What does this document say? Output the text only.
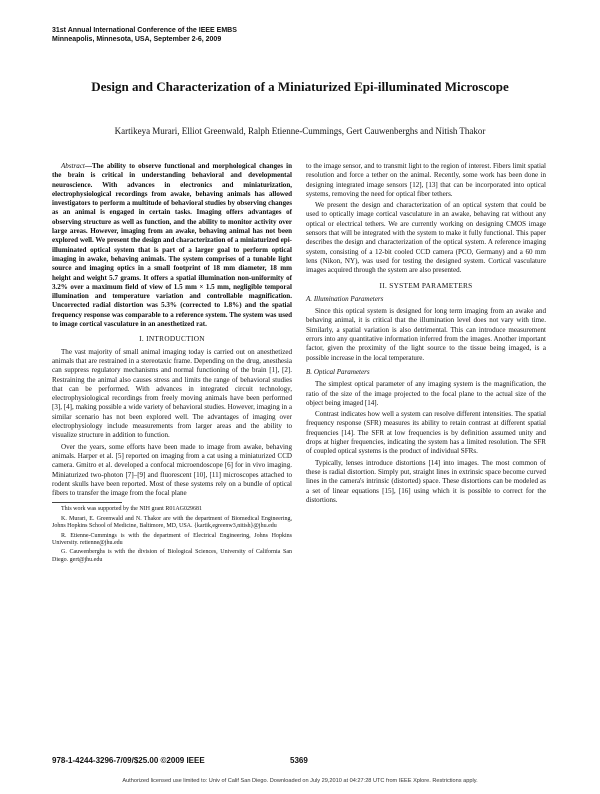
31st Annual International Conference of the IEEE EMBS
Minneapolis, Minnesota, USA, September 2-6, 2009
Design and Characterization of a Miniaturized Epi-illuminated Microscope
Kartikeya Murari, Elliot Greenwald, Ralph Etienne-Cummings, Gert Cauwenberghs and Nitish Thakor

Abstract—The ability to observe functional and morphological changes in the brain is critical in understanding behavioral and developmental neuroscience. With advances in electronics and miniaturization, electrophysiological recordings from awake, behaving animals has allowed investigators to perform a multitude of behavioral studies by observing changes as an animal is engaged in certain tasks. Imaging offers advantages of observing structure as well as function, and the ability to monitor activity over large areas. However, imaging from an awake, behaving animal has not been explored well. We present the design and characterization of a miniaturized epi-illuminated optical system that is part of a larger goal to perform optical imaging in awake, behaving animals. The system comprises of a tunable light source and imaging optics in a small footprint of 18 mm diameter, 18 mm height and weight 5.7 grams. It offers a spatial illumination non-uniformity of 3.2% over a maximum field of view of 1.5 mm × 1.5 mm, negligible temporal illumination and temperature variation and controllable magnification. Uncorrected radial distortion was 5.3% (corrected to 1.8%) and the spatial frequency response was comparable to a reference system. The system was used to image cortical vasculature in an anesthetized rat.

I. INTRODUCTION

The vast majority of small animal imaging today is carried out on anesthetized animals that are restrained in a stereotaxic frame. Depending on the drug, anesthesia can suppress regulatory mechanisms and normal functioning of the brain [1], [2]. Restraining the animal also causes stress and limits the range of behavioral studies that can be performed. With advances in integrated circuit technology, electrophysiological recordings from freely moving animals have been performed [3], [4], making possible a wide variety of behavioral studies. However, imaging in a similar scenario has not been explored well. The advantages of imaging over electrophysiology include measurements from larger areas and the ability to visualize structure in addition to function.

Over the years, some efforts have been made to image from awake, behaving animals. Harper et al. [5] reported on imaging from a cat using a miniaturized CCD camera. Gmitro et al. developed a confocal microendoscope [6] for in vivo imaging. Miniaturized two-photon [7]–[9] and fluorescent [10], [11] microscopes attached to rodent skulls have been reported. Most of these systems rely on a bundle of optical fibers to transfer the image from the focal plane

This work was supported by the NIH grant R01AG029681

K. Murari, E. Greenwald and N. Thakor are with the department of Biomedical Engineering, Johns Hopkins School of Medicine, Baltimore, MD, USA. {kartik,egreenw3,nitish}@jhu.edu

R. Etienne-Cummings is with the department of Electrical Engineering, Johns Hopkins University. retienne@jhu.edu

G. Cauwenberghs is with the division of Biological Sciences, University of California San Diego. gert@jhu.edu

to the image sensor, and to transmit light to the region of interest. Fibers limit spatial resolution and force a tether on the animal. Recently, some work has been done in designing integrated image sensors [12], [13] that can be incorporated into optical systems, removing the need for optical fiber tethers.

We present the design and characterization of an optical system that could be used to optically image cortical vasculature in an awake, behaving rat without any optical or electrical tethers. We are currently working on designing CMOS image sensors that will be integrated with the system to make it fully functional. This paper describes the design and characterization of the optical system. A reference imaging system, consisting of a 12-bit cooled CCD camera (PCO, Germany) and a 60 mm lens (Nikon, NY), was used for testing the designed system. Cortical vasculature images acquired through the system are also presented.

II. SYSTEM PARAMETERS
A. Illumination Parameters

Since this optical system is designed for long term imaging from an awake and behaving animal, it is critical that the illumination level does not vary with time. Similarly, a spatial variation is also detrimental. This can introduce measurement errors into any quantitative information inferred from the images. Another important factor, given the proximity of the light source to the tissue being imaged, is a possible increase in the local temperature.

B. Optical Parameters

The simplest optical parameter of any imaging system is the magnification, the ratio of the size of the image projected to the focal plane to the actual size of the object being imaged [14].

Contrast indicates how well a system can resolve different intensities. The spatial frequency response (SFR) measures its ability to retain contrast at different spatial frequencies [14]. The SFR at low frequencies is by definition assumed unity and drops at higher frequencies, indicating the system has a limited resolution. The SFR of coupled optical systems is the product of individual SFRs.

Typically, lenses introduce distortions [14] into images. The most common of these is radial distortion. Simply put, straight lines in extrinsic space become curved lines in the camera's intrinsic (distorted) space. These distortions can be modeled as a set of linear equations [15], [16] using which it is possible to correct for the distortions.

978-1-4244-3296-7/09/$25.00 ©2009 IEEE	5369
Authorized licensed use limited to: Univ of Calif San Diego. Downloaded on July 29,2010 at 04:27:28 UTC from IEEE Xplore. Restrictions apply.
